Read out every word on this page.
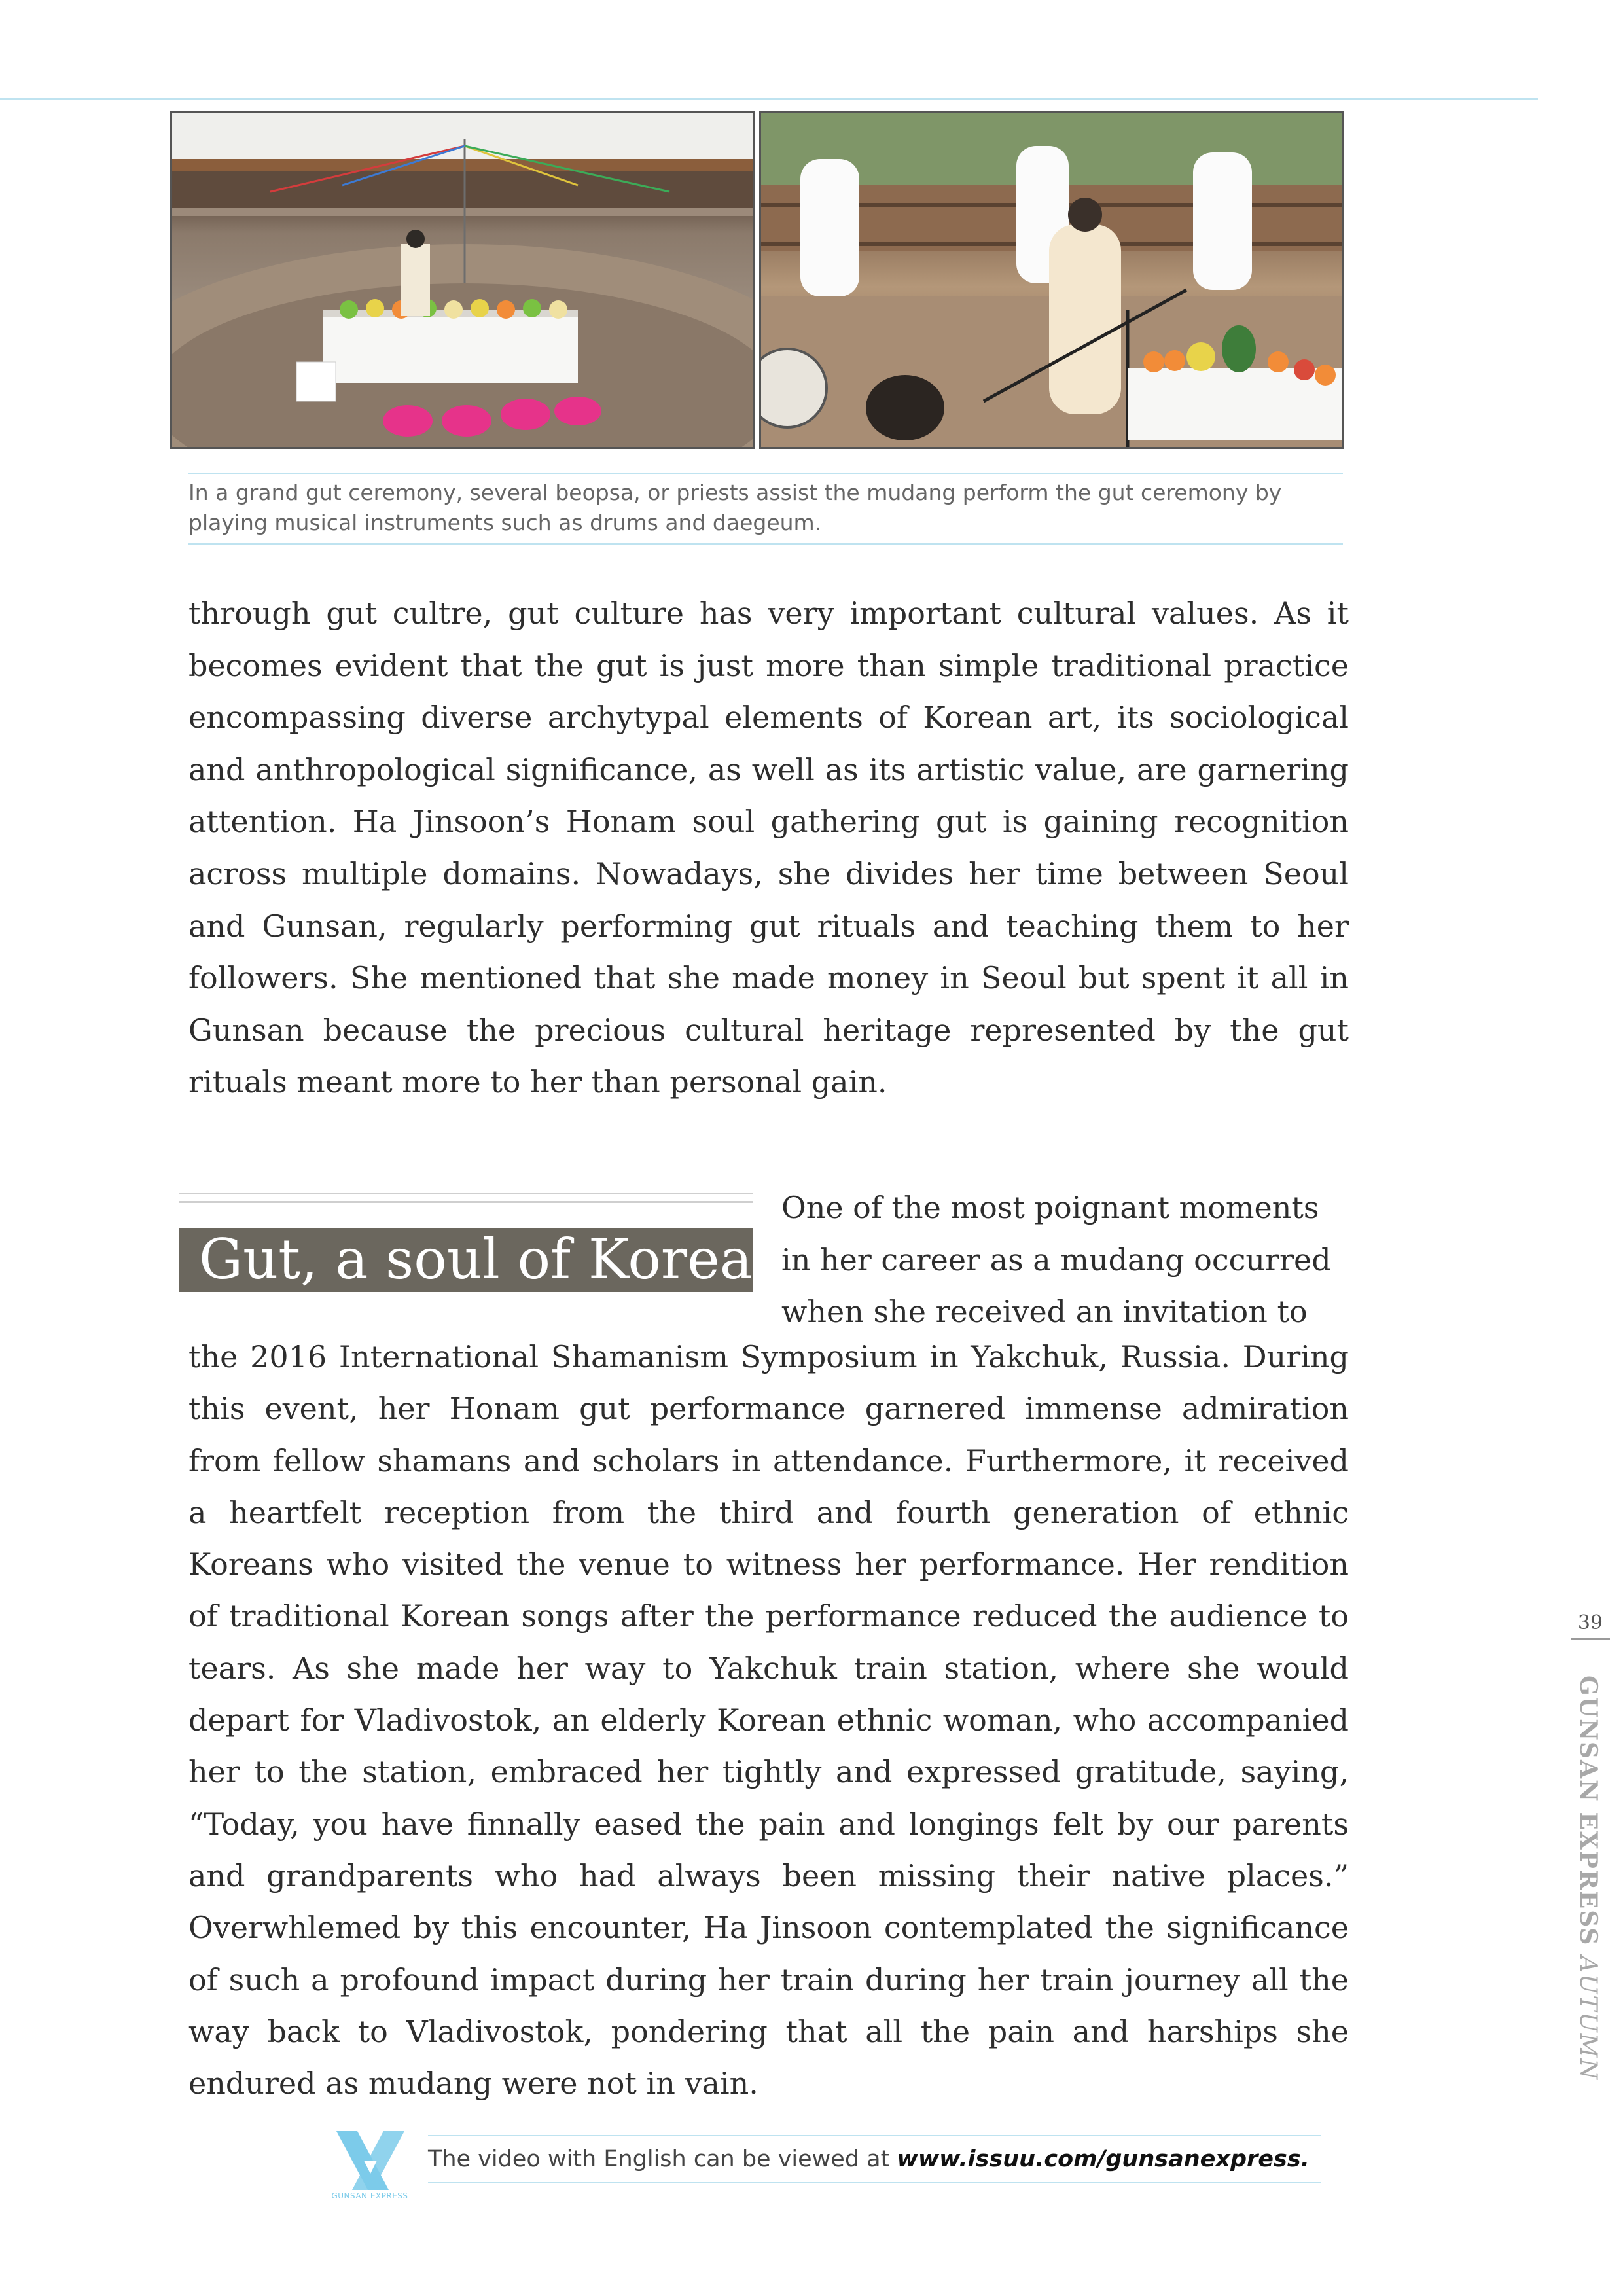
In a grand gut ceremony, several beopsa, or priests assist the mudang perform the gut ceremony by playing musical instruments such as drums and daegeum.
through gut cultre, gut culture has very important cultural values. As it becomes evident that the gut is just more than simple traditional practice encompassing diverse archytypal elements of Korean art, its sociological and anthropological significance, as well as its artistic value, are garnering attention. Ha Jinsoon’s Honam soul gathering gut is gaining recognition across multiple domains. Nowadays, she divides her time between Seoul and Gunsan, regularly performing gut rituals and teaching them to her followers. She mentioned that she made money in Seoul but spent it all in Gunsan because the precious cultural heritage represented by the gut rituals meant more to her than personal gain.
Gut, a soul of Korea
One of the most poignant moments
in her career as a mudang occurred
when she received an invitation to
the 2016 International Shamanism Symposium in Yakchuk, Russia. During this event, her Honam gut performance garnered immense admiration from fellow shamans and scholars in attendance. Furthermore, it received a heartfelt reception from the third and fourth generation of ethnic Koreans who visited the venue to witness her performance. Her rendition of traditional Korean songs after the performance reduced the audience to tears. As she made her way to Yakchuk train station, where she would depart for Vladivostok, an elderly Korean ethnic woman, who accompanied her to the station, embraced her tightly and expressed gratitude, saying, “Today, you have finnally eased the pain and longings felt by our parents and grandparents who had always been missing their native places.” Overwhlemed by this encounter, Ha Jinsoon contemplated the significance of such a profound impact during her train during her train journey all the way back to Vladivostok, pondering that all the pain and harships she endured as mudang were not in vain.
39
GUNSAN EXPRESS AUTUMN
GUNSAN EXPRESS
The video with English can be viewed at www.issuu.com/gunsanexpress.
